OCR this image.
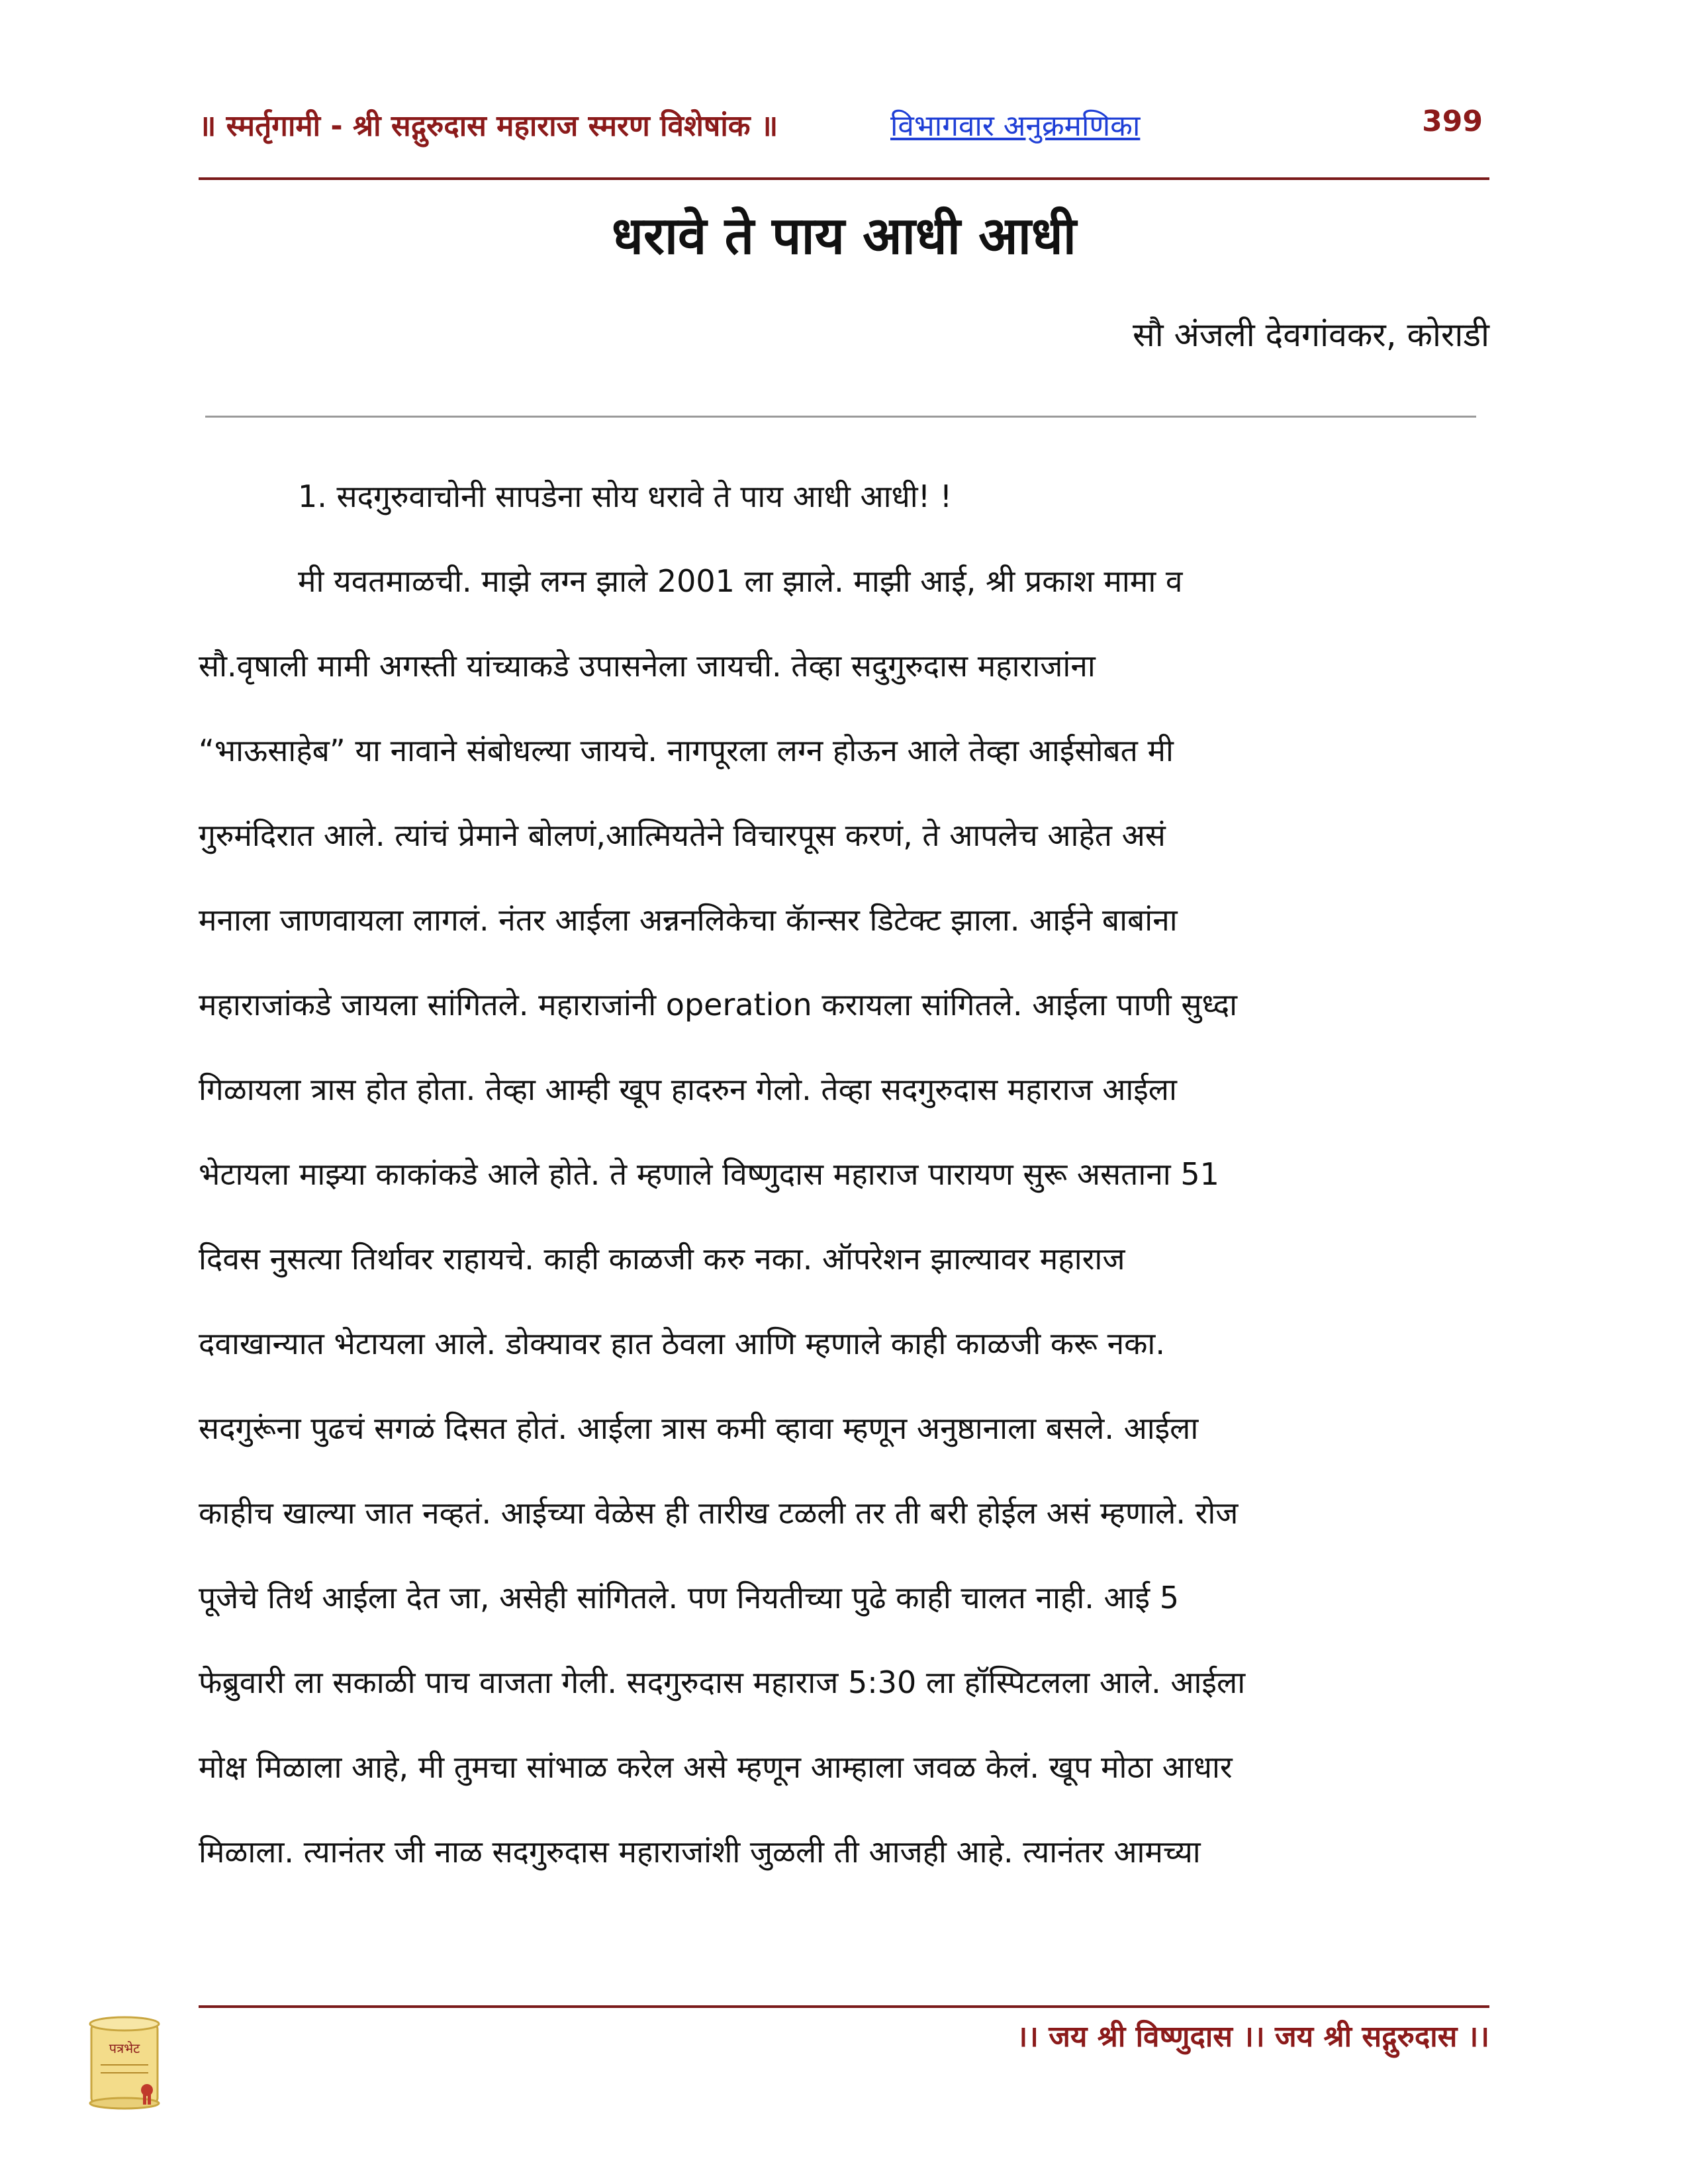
॥ स्मर्तृगामी - श्री सद्गुरुदास महाराज स्मरण विशेषांक ॥	विभागवार अनुक्रमणिका	399
धरावे ते पाय आधी आधी
सौ अंजली देवगांवकर, कोराडी
1. सदगुरुवाचोनी सापडेना सोय धरावे ते पाय आधी आधी! !
मी यवतमाळची. माझे लग्न झाले 2001 ला झाले. माझी आई, श्री प्रकाश मामा व
सौ.वृषाली मामी अगस्ती यांच्याकडे उपासनेला जायची. तेव्हा सदुगुरुदास महाराजांना
“भाऊसाहेब” या नावाने संबोधल्या जायचे. नागपूरला लग्न होऊन आले तेव्हा आईसोबत मी
गुरुमंदिरात आले. त्यांचं प्रेमाने बोलणं,आत्मियतेने विचारपूस करणं, ते आपलेच आहेत असं
मनाला जाणवायला लागलं. नंतर आईला अन्ननलिकेचा कॅान्सर डिटेक्ट झाला. आईने बाबांना
महाराजांकडे जायला सांगितले. महाराजांनी operation करायला सांगितले. आईला पाणी सुध्दा
गिळायला त्रास होत होता. तेव्हा आम्ही खूप हादरुन गेलो. तेव्हा सदगुरुदास महाराज आईला
भेटायला माझ्या काकांकडे आले होते. ते म्हणाले विष्णुदास महाराज पारायण सुरू असताना 51
दिवस नुसत्या तिर्थावर राहायचे. काही काळजी करु नका. ऑपरेशन झाल्यावर महाराज
दवाखान्यात भेटायला आले. डोक्यावर हात ठेवला आणि म्हणाले काही काळजी करू नका.
सदगुरूंना पुढचं सगळं दिसत होतं. आईला त्रास कमी व्हावा म्हणून अनुष्ठानाला बसले. आईला
काहीच खाल्या जात नव्हतं. आईच्या वेळेस ही तारीख टळली तर ती बरी होईल असं म्हणाले. रोज
पूजेचे तिर्थ आईला देत जा, असेही सांगितले. पण नियतीच्या पुढे काही चालत नाही. आई 5
फेब्रुवारी ला सकाळी पाच वाजता गेली. सदगुरुदास महाराज 5:30 ला हॉस्पिटलला आले. आईला
मोक्ष मिळाला आहे, मी तुमचा सांभाळ करेल असे म्हणून आम्हाला जवळ केलं. खूप मोठा आधार
मिळाला. त्यानंतर जी नाळ सदगुरुदास महाराजांशी जुळली ती आजही आहे. त्यानंतर आमच्या
।। जय श्री विष्णुदास ।। जय श्री सद्गुरुदास ।।
पत्रभेट
